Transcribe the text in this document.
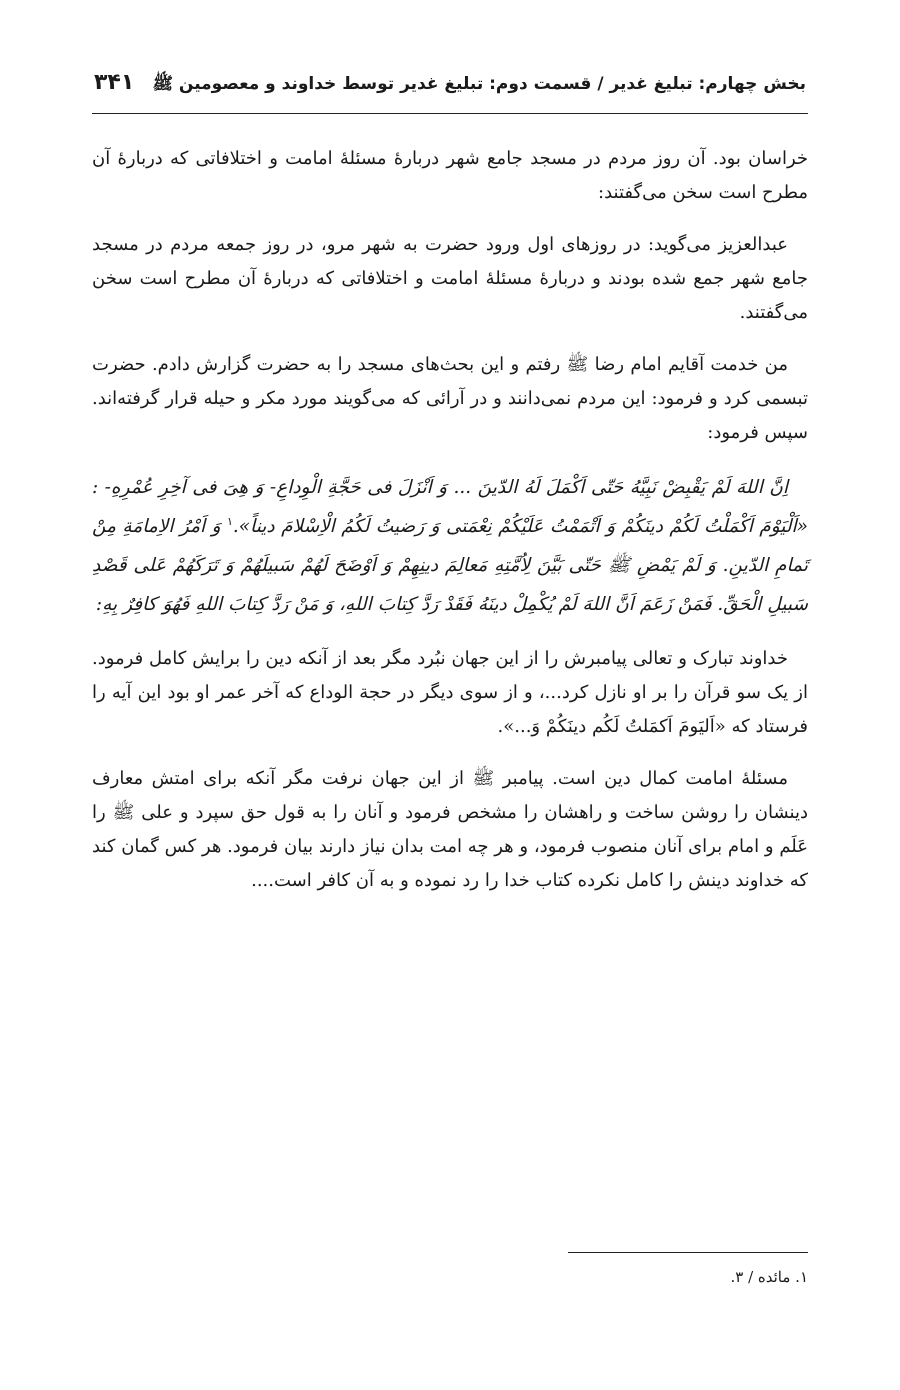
بخش چهارم: تبلیغ غدیر / قسمت دوم: تبلیغ غدیر توسط خداوند و معصومین ﷺ
۳۴۱

خراسان بود. آن روز مردم در مسجد جامع شهر دربارهٔ مسئلهٔ امامت و اختلافاتی که دربارهٔ آن مطرح است سخن می‌گفتند:

عبدالعزیز می‌گوید: در روزهای اول ورود حضرت به شهر مرو، در روز جمعه مردم در مسجد جامع شهر جمع شده بودند و دربارهٔ مسئلهٔ امامت و اختلافاتی که دربارهٔ آن مطرح است سخن می‌گفتند.

من خدمت آقایم امام رضا ﷺ رفتم و این بحث‌های مسجد را به حضرت گزارش دادم. حضرت تبسمی کرد و فرمود: این مردم نمی‌دانند و در آرائی که می‌گویند مورد مکر و حیله قرار گرفته‌اند. سپس فرمود:

اِنَّ اللهَ لَمْ یَقْبِضْ نَبِیَّهُ حَتّی اَکْمَلَ لَهُ الدّینَ ... وَ اَنْزَلَ فی حَجَّةِ الْوِداعِ- وَ هِیَ فی آخِرِ عُمْرِهِ- : «اَلْیَوْمَ اَکْمَلْتُ لَکُمْ دینَکُمْ وَ اَتْمَمْتُ عَلَیْکُمْ نِعْمَتی وَ رَضیتُ لَکُمُ الْاِسْلامَ دیناً».$^۱$ وَ اَمْرُ الاِمامَةِ مِنْ تَمامِ الدّینِ. وَ لَمْ یَمْضِ ﷺ حَتّی بَیَّنَ لِاُمَّتِهِ مَعالِمَ دینِهِمْ وَ اَوْضَحَ لَهُمْ سَبیلَهُمْ وَ تَرَکَهُمْ عَلی قَصْدِ سَبیلِ الْحَقِّ. فَمَنْ زَعَمَ اَنَّ اللهَ لَمْ یُکْمِلْ دینَهُ فَقَدْ رَدَّ کِتابَ اللهِ، وَ مَنْ رَدَّ کِتابَ اللهِ فَهُوَ کافِرٌ بِهِ:

خداوند تبارک و تعالی پیامبرش را از این جهان نبُرد مگر بعد از آنکه دین را برایش کامل فرمود. از یک سو قرآن را بر او نازل کرد...، و از سوی دیگر در حجة الوداع که آخر عمر او بود این آیه را فرستاد که «اَلیَومَ اَکمَلتُ لَکُم دینَکُمْ وَ...».

مسئلهٔ امامت کمال دین است. پیامبر ﷺ از این جهان نرفت مگر آنکه برای امتش معارف دینشان را روشن ساخت و راهشان را مشخص فرمود و آنان را به قول حق سپرد و علی ﷺ را عَلَم و امام برای آنان منصوب فرمود، و هر چه امت بدان نیاز دارند بیان فرمود. هر کس گمان کند که خداوند دینش را کامل نکرده کتاب خدا را رد نموده و به آن کافر است....

۱. مائده / ۳.
